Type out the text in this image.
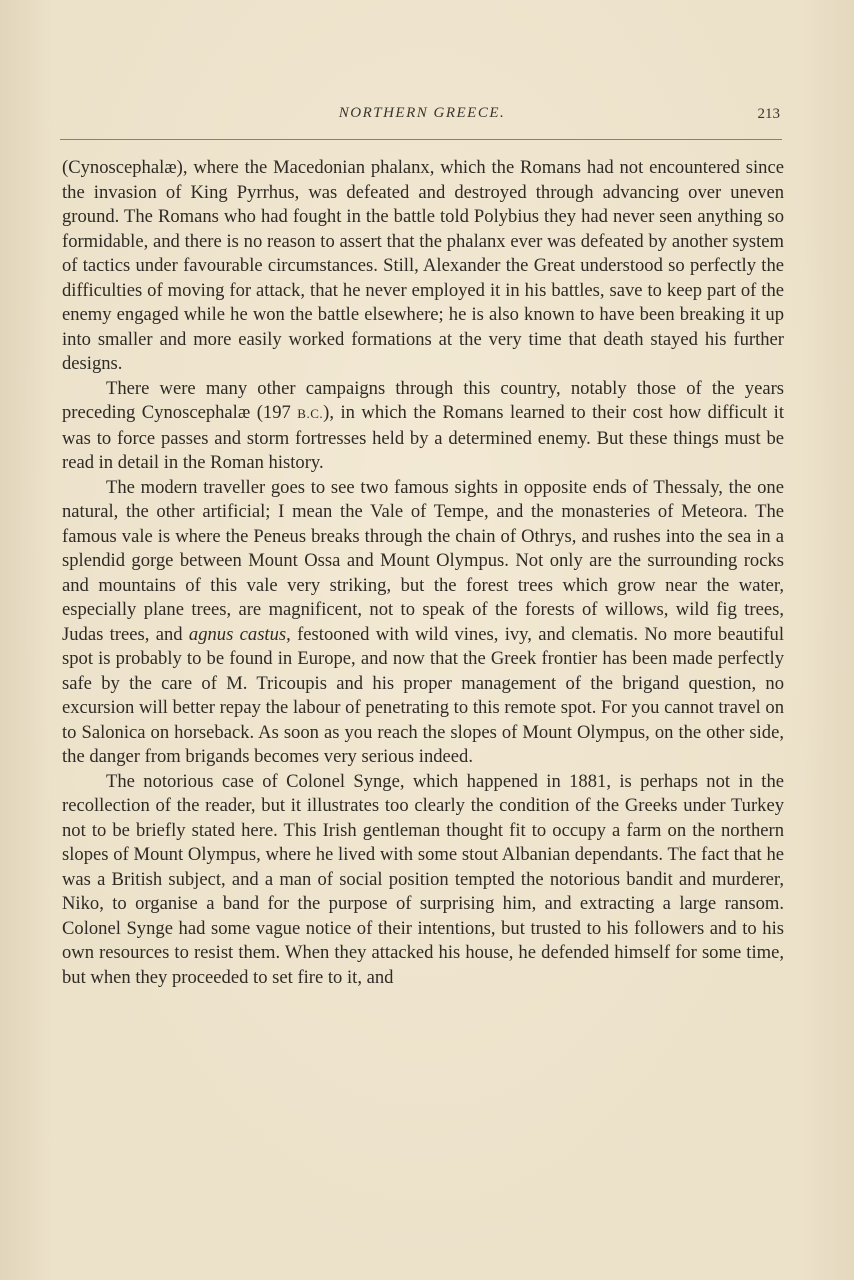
NORTHERN GREECE.	213

(Cynoscephalæ), where the Macedonian phalanx, which the Romans had not encountered since the invasion of King Pyrrhus, was defeated and destroyed through advancing over uneven ground. The Romans who had fought in the battle told Polybius they had never seen anything so formidable, and there is no reason to assert that the phalanx ever was defeated by another system of tactics under favourable circumstances. Still, Alexander the Great understood so perfectly the difficulties of moving for attack, that he never employed it in his battles, save to keep part of the enemy engaged while he won the battle elsewhere; he is also known to have been breaking it up into smaller and more easily worked formations at the very time that death stayed his further designs.

There were many other campaigns through this country, notably those of the years preceding Cynoscephalæ (197 B.C.), in which the Romans learned to their cost how difficult it was to force passes and storm fortresses held by a determined enemy. But these things must be read in detail in the Roman history.

The modern traveller goes to see two famous sights in opposite ends of Thessaly, the one natural, the other artificial; I mean the Vale of Tempe, and the monasteries of Meteora. The famous vale is where the Peneus breaks through the chain of Othrys, and rushes into the sea in a splendid gorge between Mount Ossa and Mount Olympus. Not only are the surrounding rocks and mountains of this vale very striking, but the forest trees which grow near the water, especially plane trees, are magnificent, not to speak of the forests of willows, wild fig trees, Judas trees, and agnus castus, festooned with wild vines, ivy, and clematis. No more beautiful spot is probably to be found in Europe, and now that the Greek frontier has been made perfectly safe by the care of M. Tricoupis and his proper management of the brigand question, no excursion will better repay the labour of penetrating to this remote spot. For you cannot travel on to Salonica on horseback. As soon as you reach the slopes of Mount Olympus, on the other side, the danger from brigands becomes very serious indeed.

The notorious case of Colonel Synge, which happened in 1881, is perhaps not in the recollection of the reader, but it illustrates too clearly the condition of the Greeks under Turkey not to be briefly stated here. This Irish gentleman thought fit to occupy a farm on the northern slopes of Mount Olympus, where he lived with some stout Albanian dependants. The fact that he was a British subject, and a man of social position tempted the notorious bandit and murderer, Niko, to organise a band for the purpose of surprising him, and extracting a large ransom. Colonel Synge had some vague notice of their intentions, but trusted to his followers and to his own resources to resist them. When they attacked his house, he defended himself for some time, but when they proceeded to set fire to it, and
